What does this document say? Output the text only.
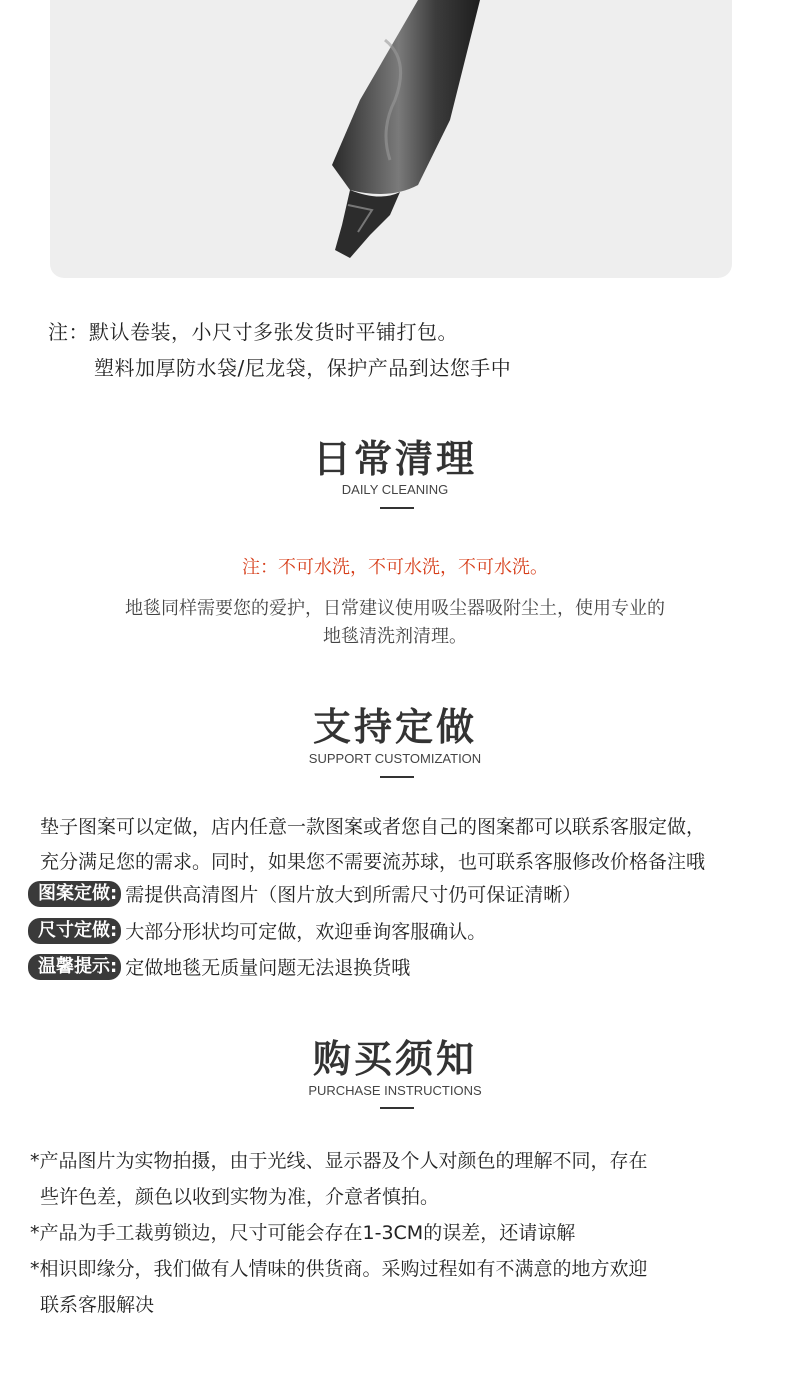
注：默认卷装，小尺寸多张发货时平铺打包。
塑料加厚防水袋/尼龙袋，保护产品到达您手中
日常清理
DAILY CLEANING
注：不可水洗，不可水洗，不可水洗。
地毯同样需要您的爱护，日常建议使用吸尘器吸附尘土，使用专业的
地毯清洗剂清理。
支持定做
SUPPORT CUSTOMIZATION
垫子图案可以定做，店内任意一款图案或者您自己的图案都可以联系客服定做，
充分满足您的需求。同时，如果您不需要流苏球，也可联系客服修改价格备注哦
图案定做: 需提供高清图片（图片放大到所需尺寸仍可保证清晰）
尺寸定做: 大部分形状均可定做，欢迎垂询客服确认。
温馨提示: 定做地毯无质量问题无法退换货哦
购买须知
PURCHASE INSTRUCTIONS
*产品图片为实物拍摄，由于光线、显示器及个人对颜色的理解不同，存在
些许色差，颜色以收到实物为准，介意者慎拍。
*产品为手工裁剪锁边，尺寸可能会存在1-3CM的误差，还请谅解
*相识即缘分，我们做有人情味的供货商。采购过程如有不满意的地方欢迎
联系客服解决
